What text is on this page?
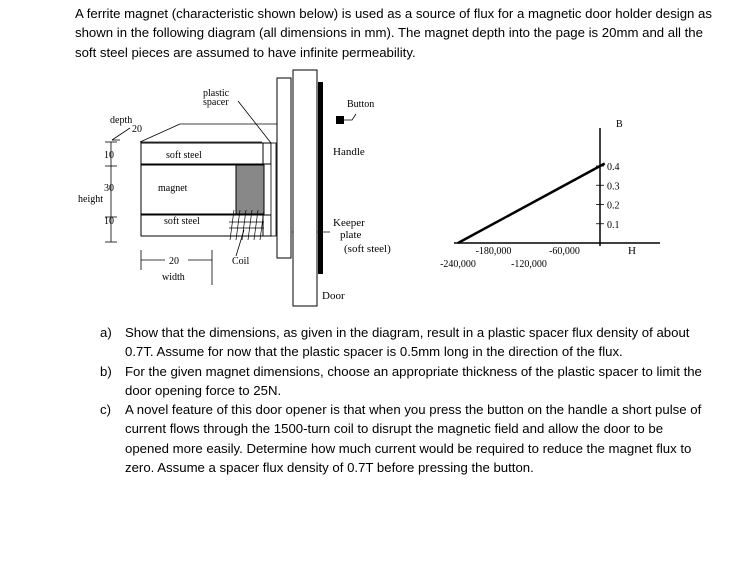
A ferrite magnet (characteristic shown below) is used as a source of flux for a magnetic door holder design as shown in the following diagram (all dimensions in mm). The magnet depth into the page is 20mm and all the soft steel pieces are assumed to have infinite permeability.

depth
20
10
30
height
10
soft steel
magnet
soft steel
Coil
20
width
plastic
spacer
Keeper
plate
(soft steel)
Door
Handle
Button
B
H
0.4
0.3
0.2
0.1
-240,000
-180,000
-120,000
-60,000
a) Show that the dimensions, as given in the diagram, result in a plastic spacer flux density of about 0.7T. Assume for now that the plastic spacer is 0.5mm long in the direction of the flux.
b) For the given magnet dimensions, choose an appropriate thickness of the plastic spacer to limit the door opening force to 25N.
c) A novel feature of this door opener is that when you press the button on the handle a short pulse of current flows through the 1500-turn coil to disrupt the magnetic field and allow the door to be opened more easily. Determine how much current would be required to reduce the magnet flux to zero. Assume a spacer flux density of 0.7T before pressing the button.
